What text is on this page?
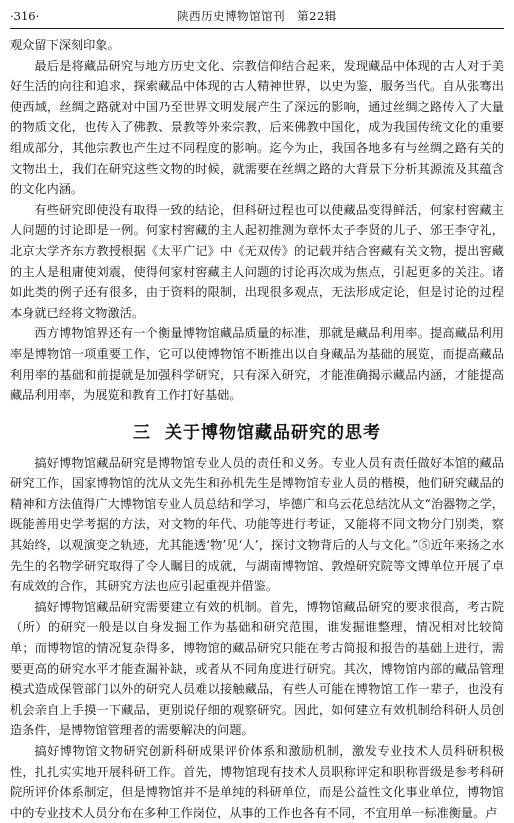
·316·	陕西历史博物馆馆刊　第22辑

观众留下深刻印象。

最后是将藏品研究与地方历史文化、宗教信仰结合起来，发现藏品中体现的古人对于美好生活的向往和追求，探索藏品中体现的古人精神世界，以史为鉴，服务当代。自从张骞出使西域，丝绸之路就对中国乃至世界文明发展产生了深远的影响，通过丝绸之路传入了大量的物质文化，也传入了佛教、景教等外来宗教，后来佛教中国化，成为我国传统文化的重要组成部分，其他宗教也产生过不同程度的影响。迄今为止，我国各地多有与丝绸之路有关的文物出土，我们在研究这些文物的时候，就需要在丝绸之路的大背景下分析其源流及其蕴含的文化内涵。

有些研究即使没有取得一致的结论，但科研过程也可以使藏品变得鲜活，何家村窖藏主人问题的讨论即是一例。何家村窖藏的主人起初推测为章怀太子李贤的儿子、邠王李守礼，北京大学齐东方教授根据《太平广记》中《无双传》的记载并结合窖藏有关文物，提出窖藏的主人是租庸使刘震，使得何家村窖藏主人问题的讨论再次成为焦点，引起更多的关注。诸如此类的例子还有很多，由于资料的限制，出现很多观点，无法形成定论，但是讨论的过程本身就已经将文物激活。

西方博物馆界还有一个衡量博物馆藏品质量的标准，那就是藏品利用率。提高藏品利用率是博物馆一项重要工作，它可以使博物馆不断推出以自身藏品为基础的展览，而提高藏品利用率的基础和前提就是加强科学研究，只有深入研究，才能准确揭示藏品内涵，才能提高藏品利用率，为展览和教育工作打好基础。

三 关于博物馆藏品研究的思考

搞好博物馆藏品研究是博物馆专业人员的责任和义务。专业人员有责任做好本馆的藏品研究工作，国家博物馆的沈从文先生和孙机先生是博物馆专业人员的楷模，他们研究藏品的精神和方法值得广大博物馆专业人员总结和学习，毕德广和乌云花总结沈从文“治器物之学，既能善用史学考据的方法，对文物的年代、功能等进行考证，又能将不同文物分门别类，察其始终，以观演变之轨迹，尤其能透‘物’见‘人’，探讨文物背后的人与文化。”⑤近年来扬之水先生的名物学研究取得了令人瞩目的成就，与湖南博物馆、敦煌研究院等文博单位开展了卓有成效的合作，其研究方法也应引起重视并借鉴。

搞好博物馆藏品研究需要建立有效的机制。首先，博物馆藏品研究的要求很高，考古院（所）的研究一般是以自身发掘工作为基础和研究范围，谁发掘谁整理，情况相对比较简单；而博物馆的情况复杂得多，博物馆的藏品研究只能在考古简报和报告的基础上进行，需要更高的研究水平才能查漏补缺，或者从不同角度进行研究。其次，博物馆内部的藏品管理模式造成保管部门以外的研究人员难以接触藏品，有些人可能在博物馆工作一辈子，也没有机会亲自上手摸一下藏品，更别说仔细的观察研究。因此，如何建立有效机制给科研人员创造条件，是博物馆管理者的需要解决的问题。

搞好博物馆文物研究创新科研成果评价体系和激励机制，激发专业技术人员科研积极性，扎扎实实地开展科研工作。首先，博物馆现有技术人员职称评定和职称晋级是参考科研院所评价体系制定，但是博物馆并不是单纯的科研单位，而是公益性文化事业单位，博物馆中的专业技术人员分布在多种工作岗位，从事的工作也各有不同，不宜用单一标准衡量。卢
